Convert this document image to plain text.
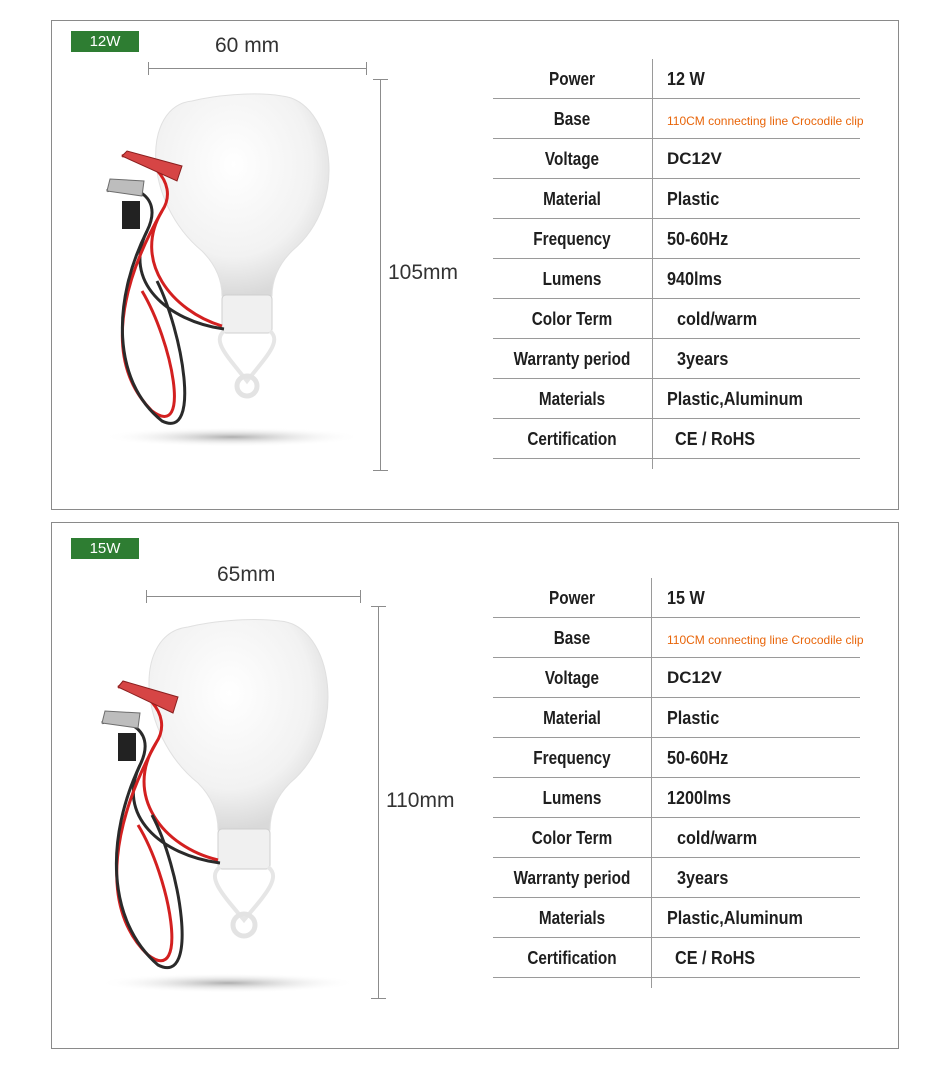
12W	60 mm
105mm
Power	12 W
Base	110CM connecting line Crocodile clip
Voltage	DC12V
Material	Plastic
Frequency	50-60Hz
Lumens	940lms
Color Term	cold/warm
Warranty period	3years
Materials	Plastic,Aluminum
Certification	CE / RoHS
15W
65mm
110mm
Power	15 W
Base	110CM connecting line Crocodile clip
Voltage	DC12V
Material	Plastic
Frequency	50-60Hz
Lumens	1200lms
Color Term	cold/warm
Warranty period	3years
Materials	Plastic,Aluminum
Certification	CE / RoHS
